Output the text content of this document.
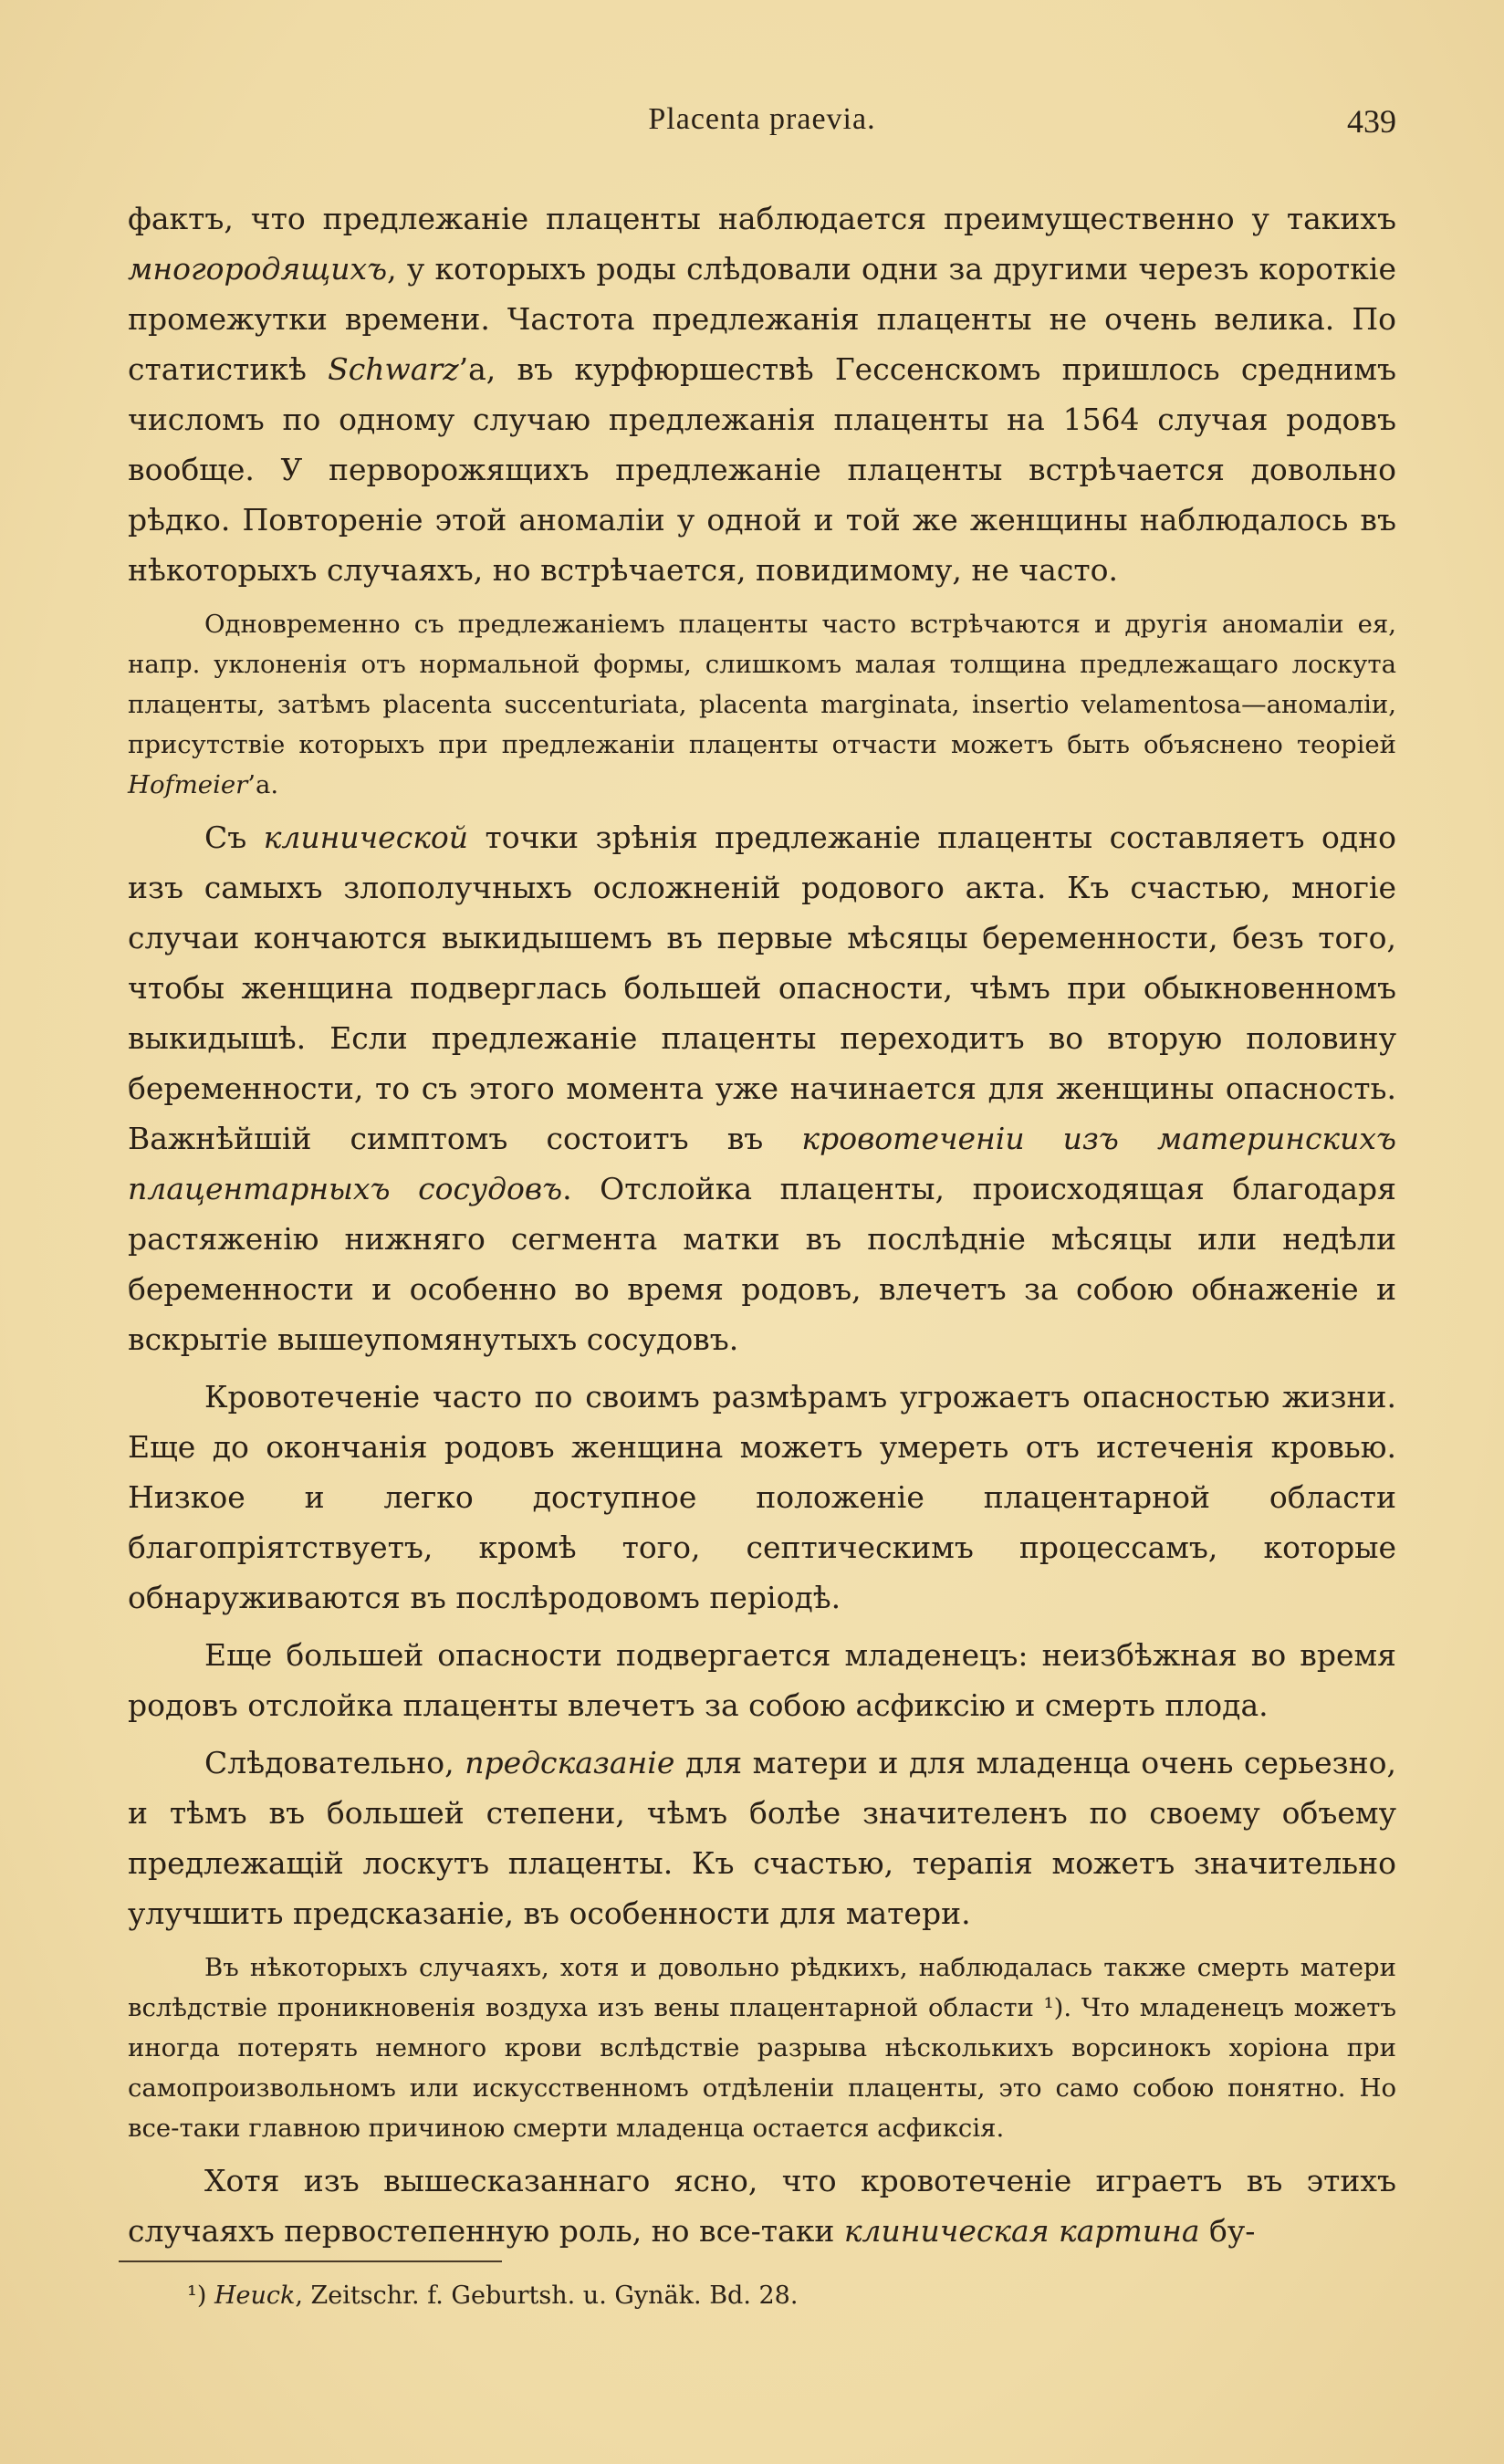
Placenta praevia.	439

фактъ, что предлежаніе плаценты наблюдается преимущественно у такихъ многородящихъ, у которыхъ роды слѣдовали одни за другими черезъ короткіе промежутки времени. Частота предлежанія плаценты не очень велика. По статистикѣ Schwarz’а, въ курфюршествѣ Гессенскомъ пришлось среднимъ числомъ по одному случаю предлежанія плаценты на 1564 случая родовъ вообще. У перворожящихъ предлежаніе плаценты встрѣчается довольно рѣдко. Повтореніе этой аномаліи у одной и той же женщины наблюдалось въ нѣкоторыхъ случаяхъ, но встрѣчается, повидимому, не часто.

Одновременно съ предлежаніемъ плаценты часто встрѣчаются и другія аномаліи ея, напр. уклоненія отъ нормальной формы, слишкомъ малая толщина предлежащаго лоскута плаценты, затѣмъ placenta succenturiata, placenta marginata, insertio velamentosa—аномаліи, присутствіе которыхъ при предлежаніи плаценты отчасти можетъ быть объяснено теоріей Hofmeier’а.

Съ клинической точки зрѣнія предлежаніе плаценты составляетъ одно изъ самыхъ злополучныхъ осложненій родового акта. Къ счастью, многіе случаи кончаются выкидышемъ въ первые мѣсяцы беременности, безъ того, чтобы женщина подверглась большей опасности, чѣмъ при обыкновенномъ выкидышѣ. Если предлежаніе плаценты переходитъ во вторую половину беременности, то съ этого момента уже начинается для женщины опасность. Важнѣйшій симптомъ состоитъ въ кровотеченіи изъ материнскихъ плацентарныхъ сосудовъ. Отслойка плаценты, происходящая благодаря растяженію нижняго сегмента матки въ послѣдніе мѣсяцы или недѣли беременности и особенно во время родовъ, влечетъ за собою обнаженіе и вскрытіе вышеупомянутыхъ сосудовъ.

Кровотеченіе часто по своимъ размѣрамъ угрожаетъ опасностью жизни. Еще до окончанія родовъ женщина можетъ умереть отъ истеченія кровью. Низкое и легко доступное положеніе плацентарной области благопріятствуетъ, кромѣ того, септическимъ процессамъ, которые обнаруживаются въ послѣродовомъ періодѣ.

Еще большей опасности подвергается младенецъ: неизбѣжная во время родовъ отслойка плаценты влечетъ за собою асфиксію и смерть плода.

Слѣдовательно, предсказаніе для матери и для младенца очень серьезно, и тѣмъ въ большей степени, чѣмъ болѣе значителенъ по своему объему предлежащій лоскутъ плаценты. Къ счастью, терапія можетъ значительно улучшить предсказаніе, въ особенности для матери.

Въ нѣкоторыхъ случаяхъ, хотя и довольно рѣдкихъ, наблюдалась также смерть матери вслѣдствіе проникновенія воздуха изъ вены плацентарной области ¹). Что младенецъ можетъ иногда потерять немного крови вслѣдствіе разрыва нѣсколькихъ ворсинокъ хоріона при самопроизвольномъ или искусственномъ отдѣленіи плаценты, это само собою понятно. Но все-таки главною причиною смерти младенца остается асфиксія.

Хотя изъ вышесказаннаго ясно, что кровотеченіе играетъ въ этихъ случаяхъ первостепенную роль, но все-таки клиническая картина бу-

¹) Heuck, Zeitschr. f. Geburtsh. u. Gynäk. Bd. 28.
